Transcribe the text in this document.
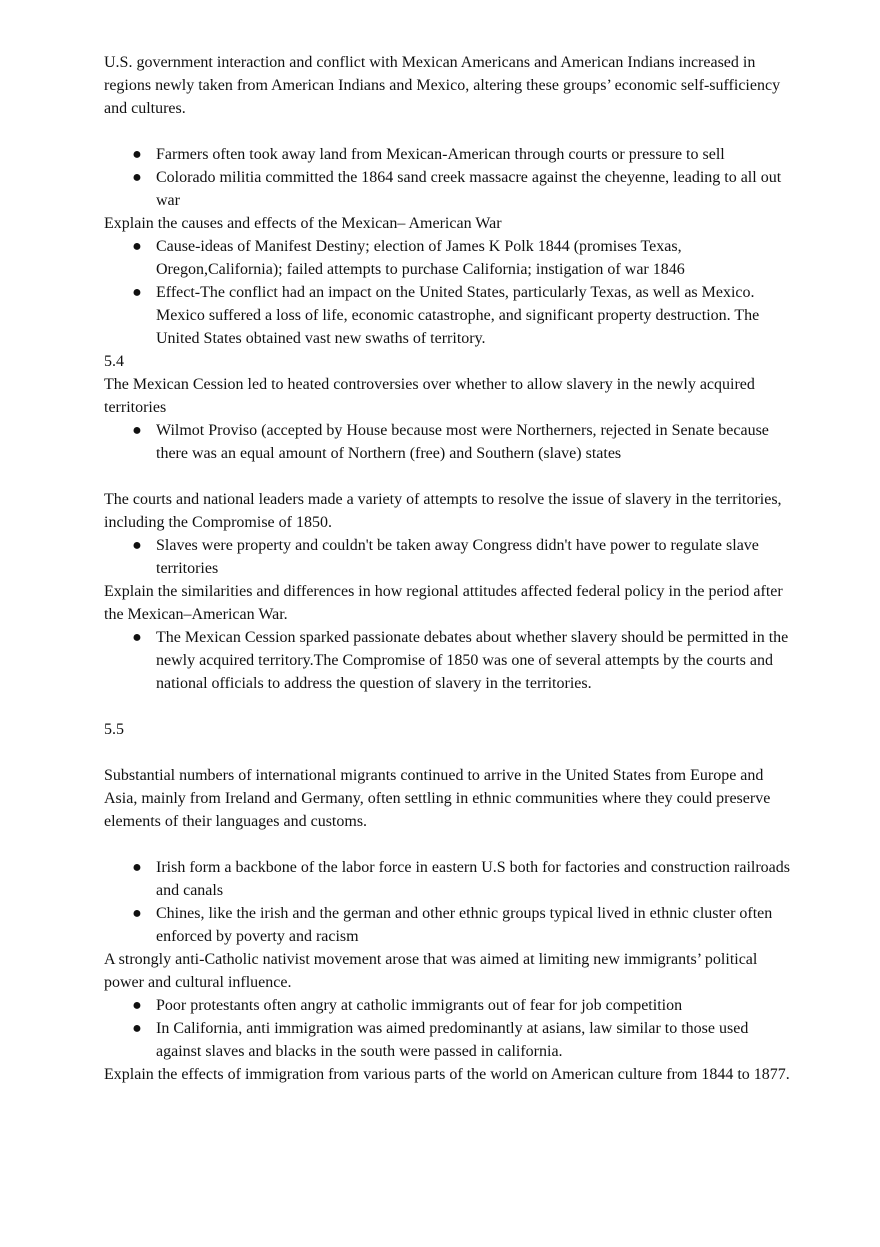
U.S. government interaction and conflict with Mexican Americans and American Indians increased in regions newly taken from American Indians and Mexico, altering these groups’ economic self-sufficiency and cultures.

● Farmers often took away land from Mexican-American through courts or pressure to sell
● Colorado militia committed the 1864 sand creek massacre against the cheyenne, leading to all out war

Explain the causes and effects of the Mexican– American War

● Cause-ideas of Manifest Destiny; election of James K Polk 1844 (promises Texas, Oregon,California); failed attempts to purchase California; instigation of war 1846
● Effect-The conflict had an impact on the United States, particularly Texas, as well as Mexico. Mexico suffered a loss of life, economic catastrophe, and significant property destruction. The United States obtained vast new swaths of territory.

5.4

The Mexican Cession led to heated controversies over whether to allow slavery in the newly acquired territories

● Wilmot Proviso (accepted by House because most were Northerners, rejected in Senate because there was an equal amount of Northern (free) and Southern (slave) states

The courts and national leaders made a variety of attempts to resolve the issue of slavery in the territories, including the Compromise of 1850.

● Slaves were property and couldn't be taken away Congress didn't have power to regulate slave territories

Explain the similarities and differences in how regional attitudes affected federal policy in the period after the Mexican–American War.

● The Mexican Cession sparked passionate debates about whether slavery should be permitted in the newly acquired territory.The Compromise of 1850 was one of several attempts by the courts and national officials to address the question of slavery in the territories.

5.5

Substantial numbers of international migrants continued to arrive in the United States from Europe and Asia, mainly from Ireland and Germany, often settling in ethnic communities where they could preserve elements of their languages and customs.

● Irish form a backbone of the labor force in eastern U.S both for factories and construction railroads and canals
● Chines, like the irish and the german and other ethnic groups typical lived in ethnic cluster often enforced by poverty and racism

A strongly anti-Catholic nativist movement arose that was aimed at limiting new immigrants’ political power and cultural influence.

● Poor protestants often angry at catholic immigrants out of fear for job competition
● In California, anti immigration was aimed predominantly at asians, law similar to those used against slaves and blacks in the south were passed in california.

Explain the effects of immigration from various parts of the world on American culture from 1844 to 1877.
